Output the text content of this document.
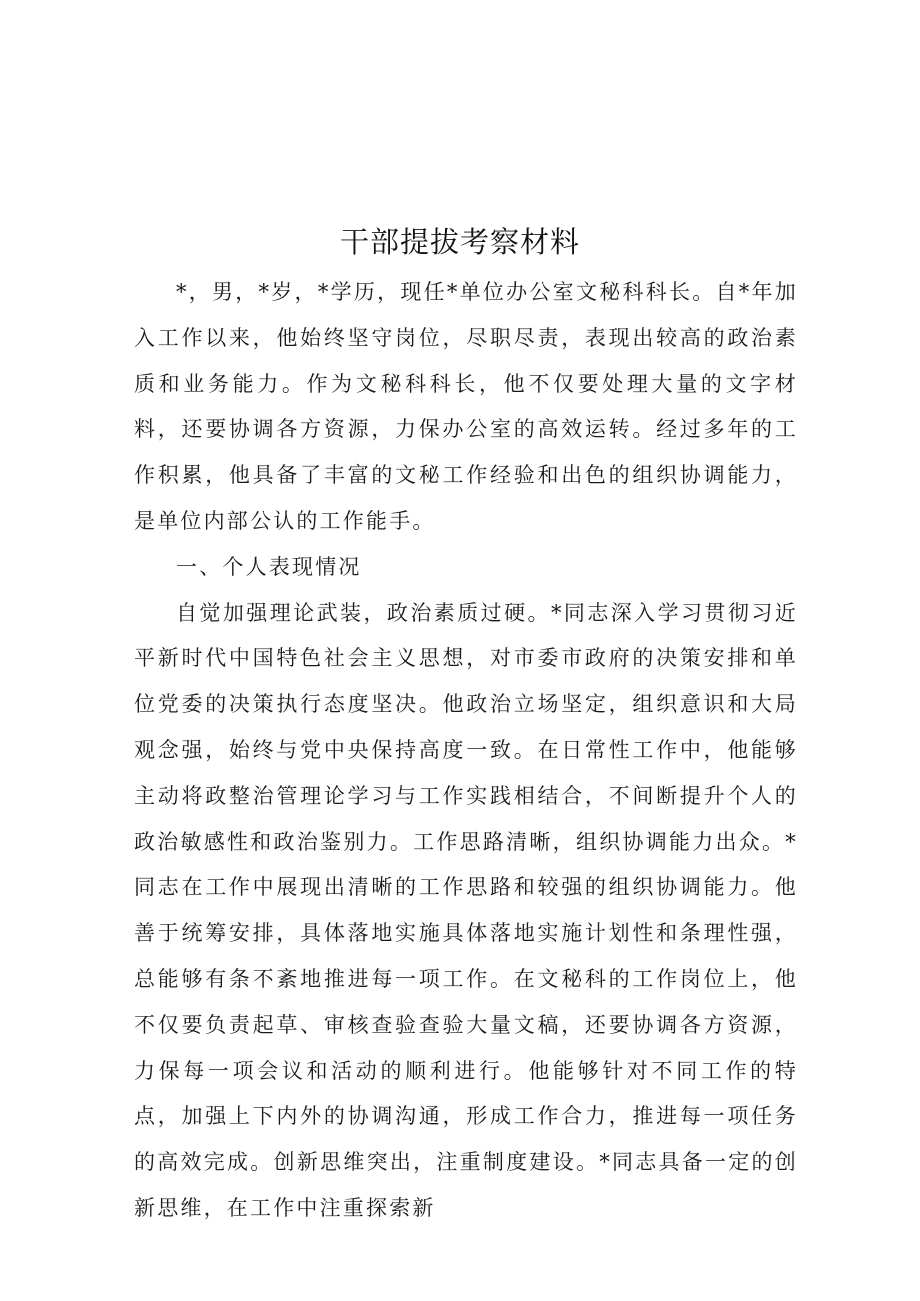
干部提拔考察材料

*，男，*岁，*学历，现任*单位办公室文秘科科长。自*年加入工作以来，他始终坚守岗位，尽职尽责，表现出较高的政治素质和业务能力。作为文秘科科长，他不仅要处理大量的文字材料，还要协调各方资源，力保办公室的高效运转。经过多年的工作积累，他具备了丰富的文秘工作经验和出色的组织协调能力，是单位内部公认的工作能手。

一、个人表现情况

自觉加强理论武装，政治素质过硬。*同志深入学习贯彻习近平新时代中国特色社会主义思想，对市委市政府的决策安排和单位党委的决策执行态度坚决。他政治立场坚定，组织意识和大局观念强，始终与党中央保持高度一致。在日常性工作中，他能够主动将政整治管理论学习与工作实践相结合，不间断提升个人的政治敏感性和政治鉴别力。工作思路清晰，组织协调能力出众。*同志在工作中展现出清晰的工作思路和较强的组织协调能力。他善于统筹安排，具体落地实施具体落地实施计划性和条理性强，总能够有条不紊地推进每一项工作。在文秘科的工作岗位上，他不仅要负责起草、审核查验查验大量文稿，还要协调各方资源，力保每一项会议和活动的顺利进行。他能够针对不同工作的特点，加强上下内外的协调沟通，形成工作合力，推进每一项任务的高效完成。创新思维突出，注重制度建设。*同志具备一定的创新思维，在工作中注重探索新
